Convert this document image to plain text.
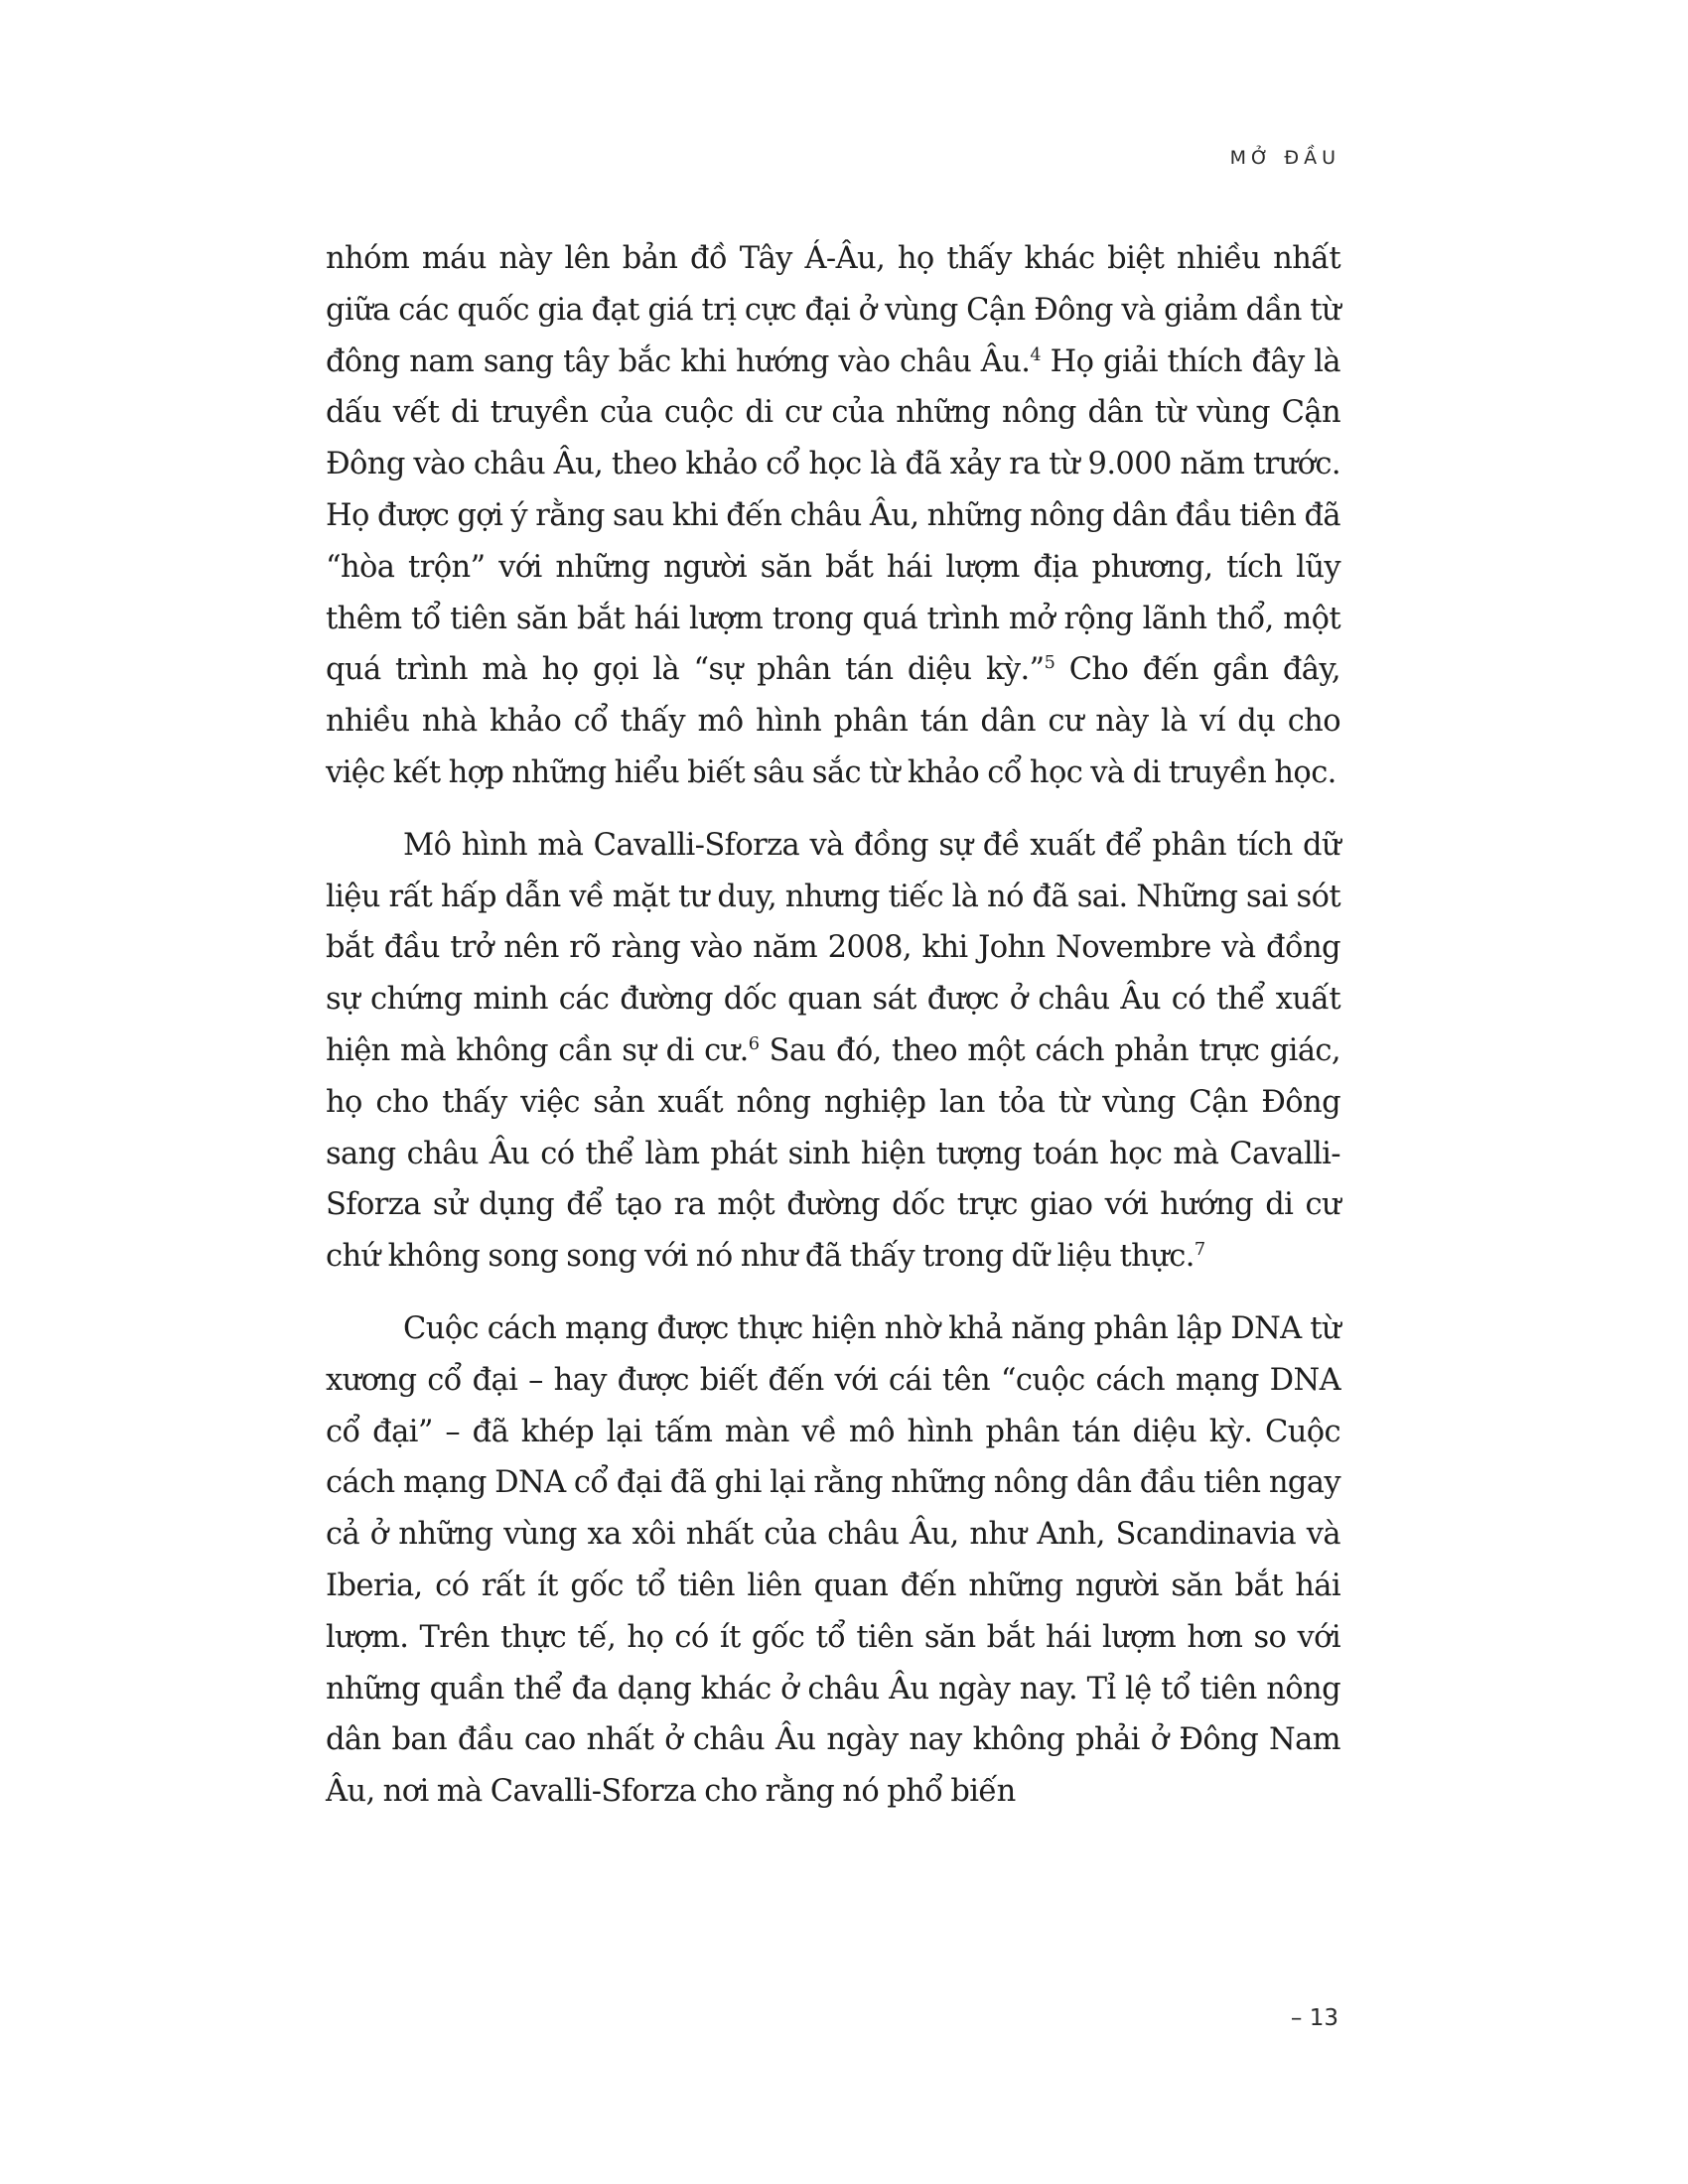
MỞ ĐẦU

nhóm máu này lên bản đồ Tây Á-Âu, họ thấy khác biệt nhiều nhất giữa các quốc gia đạt giá trị cực đại ở vùng Cận Đông và giảm dần từ đông nam sang tây bắc khi hướng vào châu Âu.$^4$ Họ giải thích đây là dấu vết di truyền của cuộc di cư của những nông dân từ vùng Cận Đông vào châu Âu, theo khảo cổ học là đã xảy ra từ 9.000 năm trước. Họ được gợi ý rằng sau khi đến châu Âu, những nông dân đầu tiên đã “hòa trộn” với những người săn bắt hái lượm địa phương, tích lũy thêm tổ tiên săn bắt hái lượm trong quá trình mở rộng lãnh thổ, một quá trình mà họ gọi là “sự phân tán diệu kỳ.”$^5$ Cho đến gần đây, nhiều nhà khảo cổ thấy mô hình phân tán dân cư này là ví dụ cho việc kết hợp những hiểu biết sâu sắc từ khảo cổ học và di truyền học.

Mô hình mà Cavalli-Sforza và đồng sự đề xuất để phân tích dữ liệu rất hấp dẫn về mặt tư duy, nhưng tiếc là nó đã sai. Những sai sót bắt đầu trở nên rõ ràng vào năm 2008, khi John Novembre và đồng sự chứng minh các đường dốc quan sát được ở châu Âu có thể xuất hiện mà không cần sự di cư.$^6$ Sau đó, theo một cách phản trực giác, họ cho thấy việc sản xuất nông nghiệp lan tỏa từ vùng Cận Đông sang châu Âu có thể làm phát sinh hiện tượng toán học mà Cavalli-Sforza sử dụng để tạo ra một đường dốc trực giao với hướng di cư chứ không song song với nó như đã thấy trong dữ liệu thực.$^7$

Cuộc cách mạng được thực hiện nhờ khả năng phân lập DNA từ xương cổ đại – hay được biết đến với cái tên “cuộc cách mạng DNA cổ đại” – đã khép lại tấm màn về mô hình phân tán diệu kỳ. Cuộc cách mạng DNA cổ đại đã ghi lại rằng những nông dân đầu tiên ngay cả ở những vùng xa xôi nhất của châu Âu, như Anh, Scandinavia và Iberia, có rất ít gốc tổ tiên liên quan đến những người săn bắt hái lượm. Trên thực tế, họ có ít gốc tổ tiên săn bắt hái lượm hơn so với những quần thể đa dạng khác ở châu Âu ngày nay. Tỉ lệ tổ tiên nông dân ban đầu cao nhất ở châu Âu ngày nay không phải ở Đông Nam Âu, nơi mà Cavalli-Sforza cho rằng nó phổ biến

– 13
